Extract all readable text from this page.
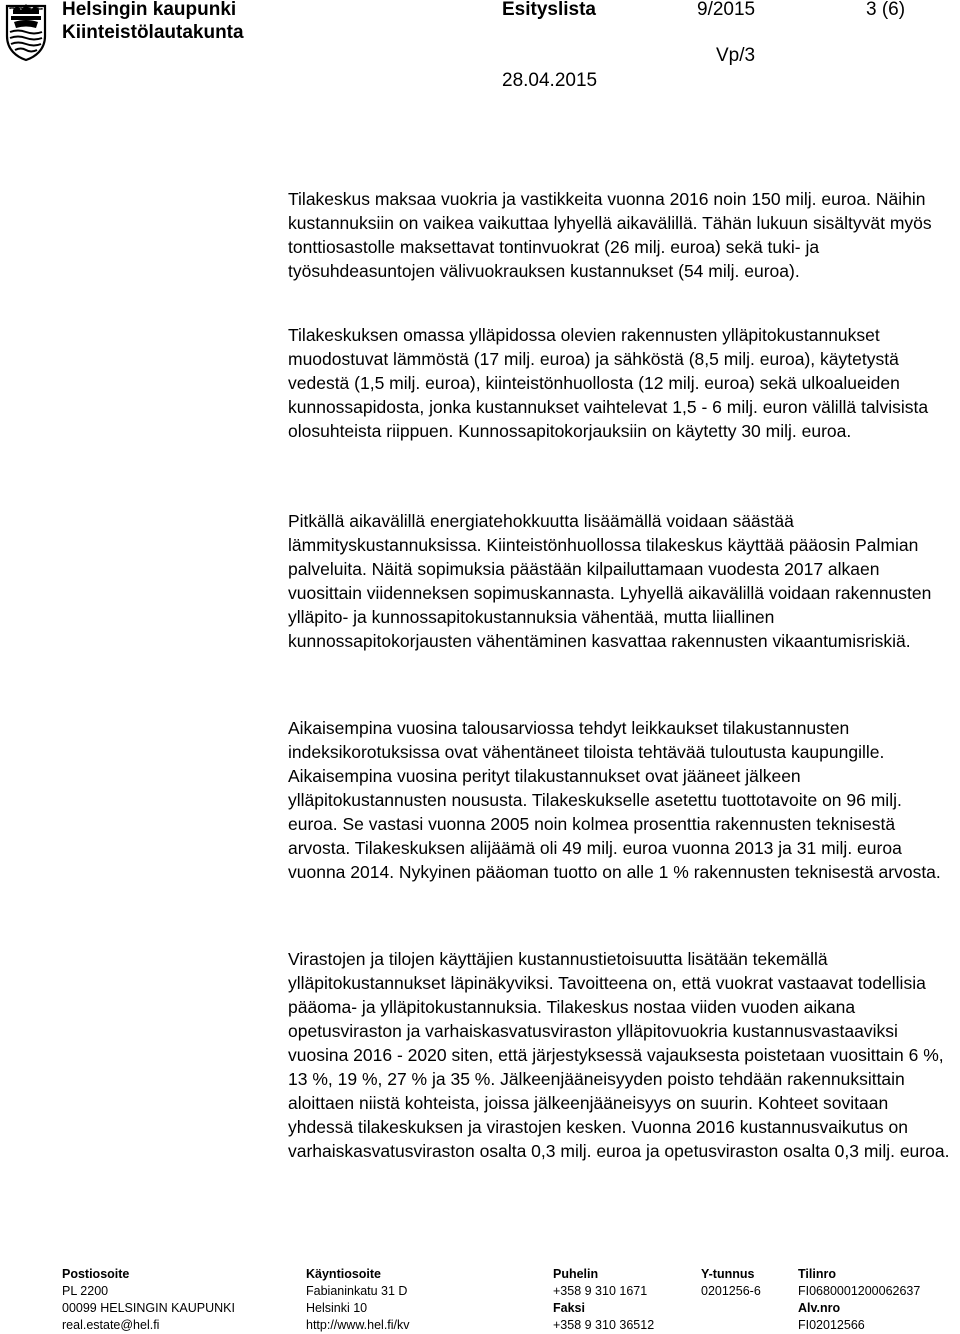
Helsingin kaupunki
Kiinteistölautakunta
Esityslista	9/2015	3 (6)
Vp/3
28.04.2015

Tilakeskus maksaa vuokria ja vastikkeita vuonna 2016 noin 150 milj. euroa. Näihin kustannuksiin on vaikea vaikuttaa lyhyellä aikavälillä. Tähän lukuun sisältyvät myös tonttiosastolle maksettavat tontinvuokrat (26 milj. euroa) sekä tuki- ja työsuhdeasuntojen välivuokrauksen kustannukset (54 milj. euroa).

Tilakeskuksen omassa ylläpidossa olevien rakennusten ylläpitokustannukset muodostuvat lämmöstä (17 milj. euroa) ja sähköstä (8,5 milj. euroa), käytetystä vedestä (1,5 milj. euroa), kiinteistönhuollosta (12 milj. euroa) sekä ulkoalueiden kunnossapidosta, jonka kustannukset vaihtelevat 1,5 - 6 milj. euron välillä talvisista olosuhteista riippuen. Kunnossapitokorjauksiin on käytetty 30 milj. euroa.

Pitkällä aikavälillä energiatehokkuutta lisäämällä voidaan säästää lämmityskustannuksissa. Kiinteistönhuollossa tilakeskus käyttää pääosin Palmian palveluita. Näitä sopimuksia päästään kilpailuttamaan vuodesta 2017 alkaen vuosittain viidenneksen sopimuskannasta. Lyhyellä aikavälillä voidaan rakennusten ylläpito- ja kunnossapitokustannuksia vähentää, mutta liiallinen kunnossapitokorjausten vähentäminen kasvattaa rakennusten vikaantumisriskiä.

Aikaisempina vuosina talousarviossa tehdyt leikkaukset tilakustannusten indeksikorotuksissa ovat vähentäneet tiloista tehtävää tuloutusta kaupungille. Aikaisempina vuosina perityt tilakustannukset ovat jääneet jälkeen ylläpitokustannusten noususta. Tilakeskukselle asetettu tuottotavoite on 96 milj. euroa. Se vastasi vuonna 2005 noin kolmea prosenttia rakennusten teknisestä arvosta. Tilakeskuksen alijäämä oli 49 milj. euroa vuonna 2013 ja 31 milj. euroa vuonna 2014. Nykyinen pääoman tuotto on alle 1 % rakennusten teknisestä arvosta.

Virastojen ja tilojen käyttäjien kustannustietoisuutta lisätään tekemällä ylläpitokustannukset läpinäkyviksi. Tavoitteena on, että vuokrat vastaavat todellisia pääoma- ja ylläpitokustannuksia. Tilakeskus nostaa viiden vuoden aikana opetusviraston ja varhaiskasvatusviraston ylläpitovuokria kustannusvastaaviksi vuosina 2016 - 2020 siten, että järjestyksessä vajauksesta poistetaan vuosittain 6 %, 13 %, 19 %, 27 % ja 35 %. Jälkeenjääneisyyden poisto tehdään rakennuksittain aloittaen niistä kohteista, joissa jälkeenjääneisyys on suurin. Kohteet sovitaan yhdessä tilakeskuksen ja virastojen kesken. Vuonna 2016 kustannusvaikutus on varhaiskasvatusviraston osalta 0,3 milj. euroa ja opetusviraston osalta 0,3 milj. euroa.

Postiosoite
PL 2200
00099 HELSINGIN KAUPUNKI
real.estate@hel.fi
Käyntiosoite
Fabianinkatu 31 D
Helsinki 10
http://www.hel.fi/kv
Puhelin
+358 9 310 1671
Faksi
+358 9 310 36512
Y-tunnus
0201256-6
Tilinro
FI0680001200062637
Alv.nro
FI02012566
